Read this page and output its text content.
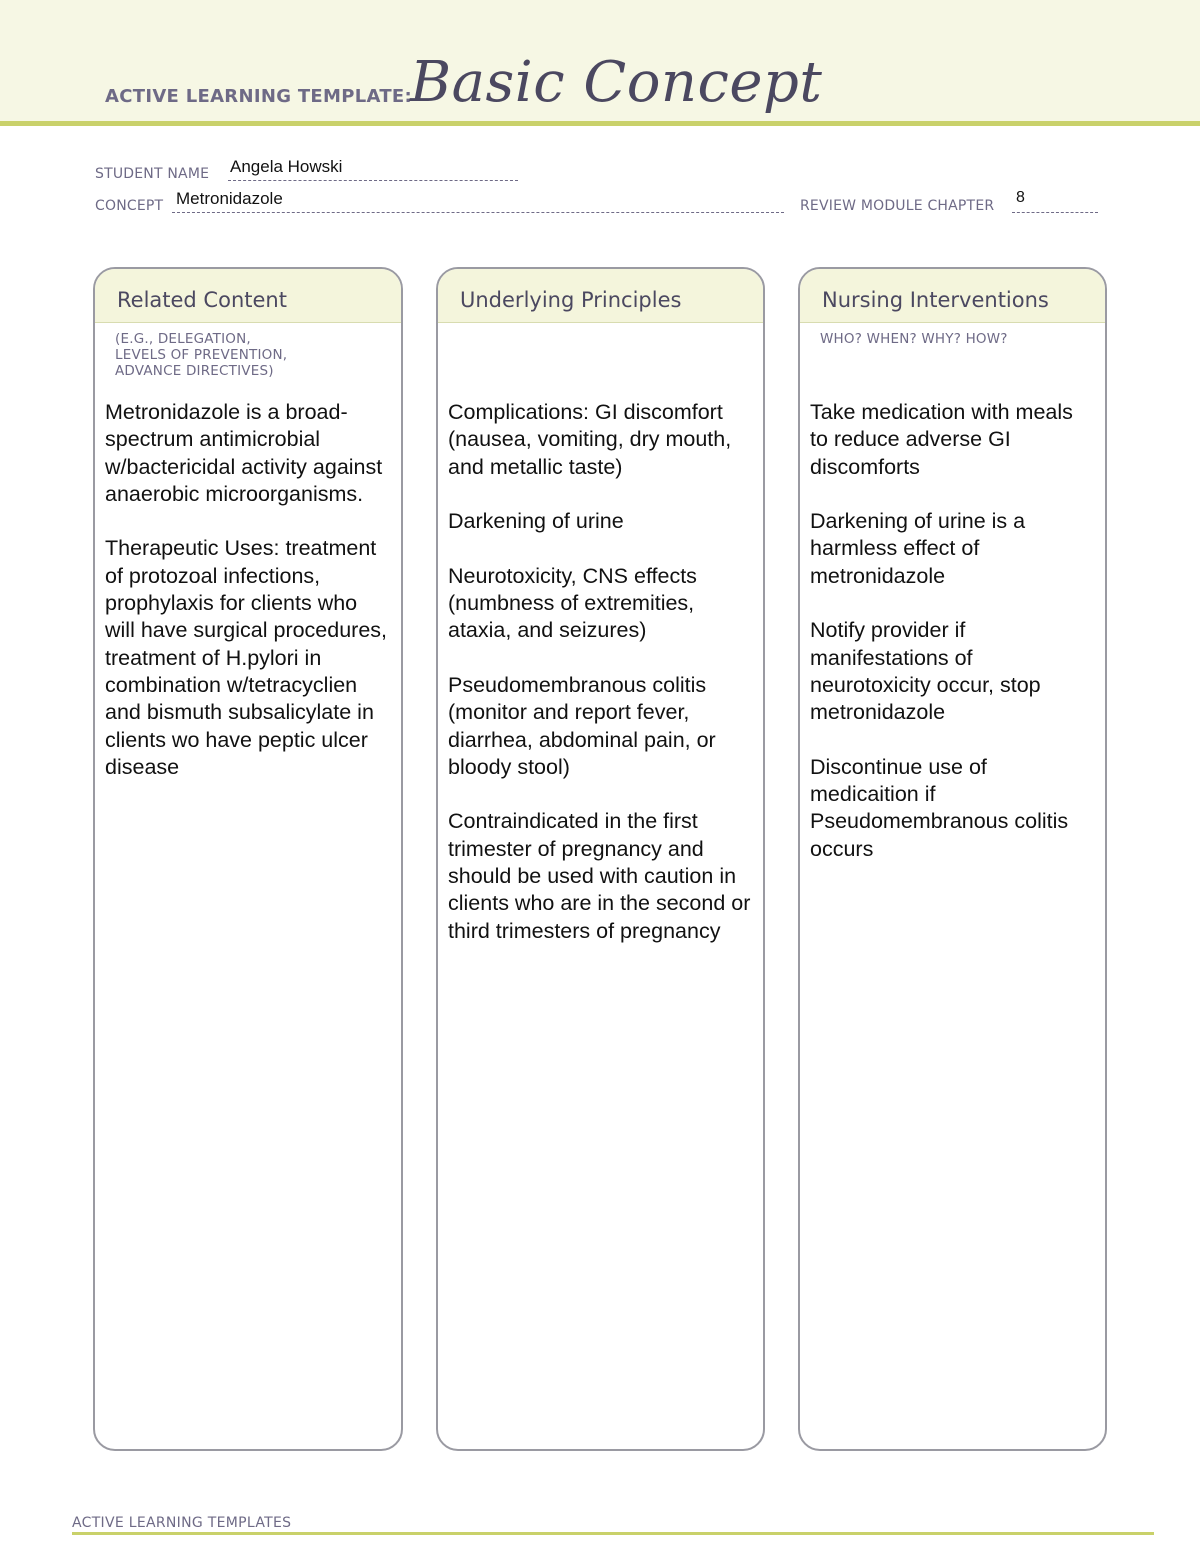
ACTIVE LEARNING TEMPLATE:
Basic Concept
STUDENT NAME Angela Howski
CONCEPT Metronidazole	REVIEW MODULE CHAPTER 8
Related Content
(E.G., DELEGATION,
LEVELS OF PREVENTION,
ADVANCE DIRECTIVES)

Metronidazole is a broad-spectrum antimicrobial w/bactericidal activity against anaerobic microorganisms.

Therapeutic Uses: treatment of protozoal infections, prophylaxis for clients who will have surgical procedures, treatment of H.pylori in combination w/tetracyclien and bismuth subsalicylate in clients wo have peptic ulcer disease

Underlying Principles

Complications: GI discomfort (nausea, vomiting, dry mouth, and metallic taste)

Darkening of urine

Neurotoxicity, CNS effects (numbness of extremities, ataxia, and seizures)

Pseudomembranous colitis (monitor and report fever, diarrhea, abdominal pain, or bloody stool)

Contraindicated in the first trimester of pregnancy and should be used with caution in clients who are in the second or third trimesters of pregnancy

Nursing Interventions
WHO? WHEN? WHY? HOW?

Take medication with meals to reduce adverse GI discomforts

Darkening of urine is a harmless effect of metronidazole

Notify provider if manifestations of neurotoxicity occur, stop metronidazole

Discontinue use of medicaition if Pseudomembranous colitis occurs

ACTIVE LEARNING TEMPLATES
